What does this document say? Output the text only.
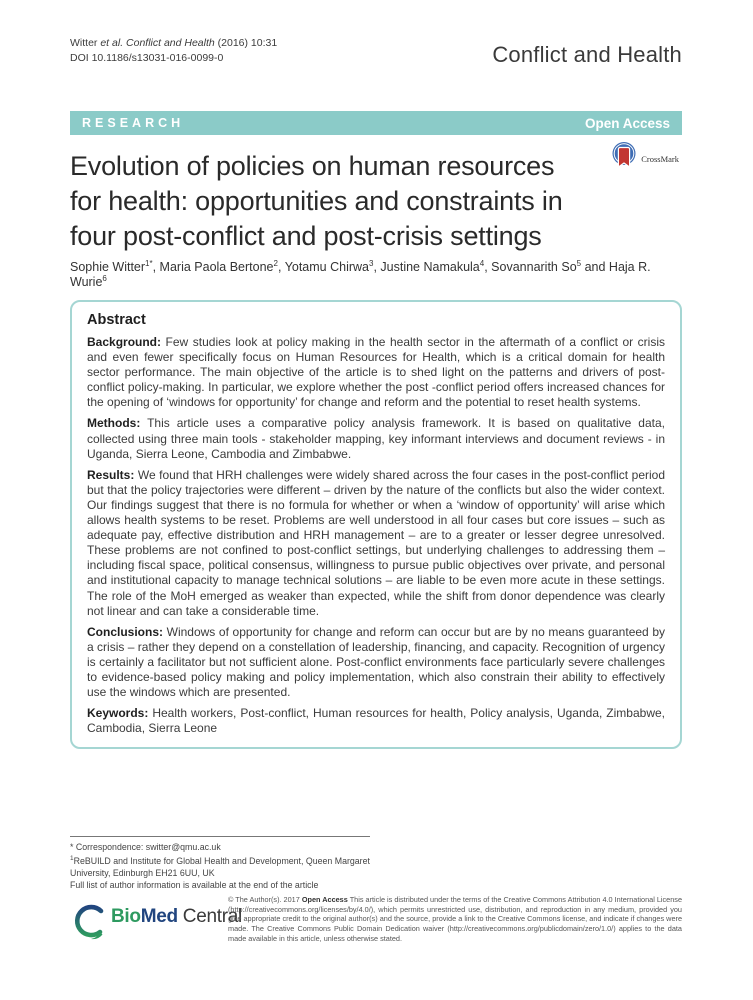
Witter et al. Conflict and Health (2016) 10:31
DOI 10.1186/s13031-016-0099-0	Conflict and Health
RESEARCH	Open Access
Evolution of policies on human resources
for health: opportunities and constraints in
four post-conflict and post-crisis settings
CrossMark
Sophie Witter$^{1*}$, Maria Paola Bertone$^2$, Yotamu Chirwa$^3$, Justine Namakula$^4$, Sovannarith So$^5$ and Haja R. Wurie$^6$
Abstract

Background: Few studies look at policy making in the health sector in the aftermath of a conflict or crisis and even fewer specifically focus on Human Resources for Health, which is a critical domain for health sector performance. The main objective of the article is to shed light on the patterns and drivers of post-conflict policy-making. In particular, we explore whether the post -conflict period offers increased chances for the opening of ‘windows for opportunity’ for change and reform and the potential to reset health systems.

Methods: This article uses a comparative policy analysis framework. It is based on qualitative data, collected using three main tools - stakeholder mapping, key informant interviews and document reviews - in Uganda, Sierra Leone, Cambodia and Zimbabwe.

Results: We found that HRH challenges were widely shared across the four cases in the post-conflict period but that the policy trajectories were different – driven by the nature of the conflicts but also the wider context. Our findings suggest that there is no formula for whether or when a ‘window of opportunity’ will arise which allows health systems to be reset. Problems are well understood in all four cases but core issues – such as adequate pay, effective distribution and HRH management – are to a greater or lesser degree unresolved. These problems are not confined to post-conflict settings, but underlying challenges to addressing them – including fiscal space, political consensus, willingness to pursue public objectives over private, and personal and institutional capacity to manage technical solutions – are liable to be even more acute in these settings. The role of the MoH emerged as weaker than expected, while the shift from donor dependence was clearly not linear and can take a considerable time.

Conclusions: Windows of opportunity for change and reform can occur but are by no means guaranteed by a crisis – rather they depend on a constellation of leadership, financing, and capacity. Recognition of urgency is certainly a facilitator but not sufficient alone. Post-conflict environments face particularly severe challenges to evidence-based policy making and policy implementation, which also constrain their ability to effectively use the windows which are presented.

Keywords: Health workers, Post-conflict, Human resources for health, Policy analysis, Uganda, Zimbabwe, Cambodia, Sierra Leone

* Correspondence: switter@qmu.ac.uk
$^1$ReBUILD and Institute for Global Health and Development, Queen Margaret University, Edinburgh EH21 6UU, UK
Full list of author information is available at the end of the article
BioMed Central
© The Author(s). 2017 Open Access This article is distributed under the terms of the Creative Commons Attribution 4.0 International License (http://creativecommons.org/licenses/by/4.0/), which permits unrestricted use, distribution, and reproduction in any medium, provided you give appropriate credit to the original author(s) and the source, provide a link to the Creative Commons license, and indicate if changes were made. The Creative Commons Public Domain Dedication waiver (http://creativecommons.org/publicdomain/zero/1.0/) applies to the data made available in this article, unless otherwise stated.
